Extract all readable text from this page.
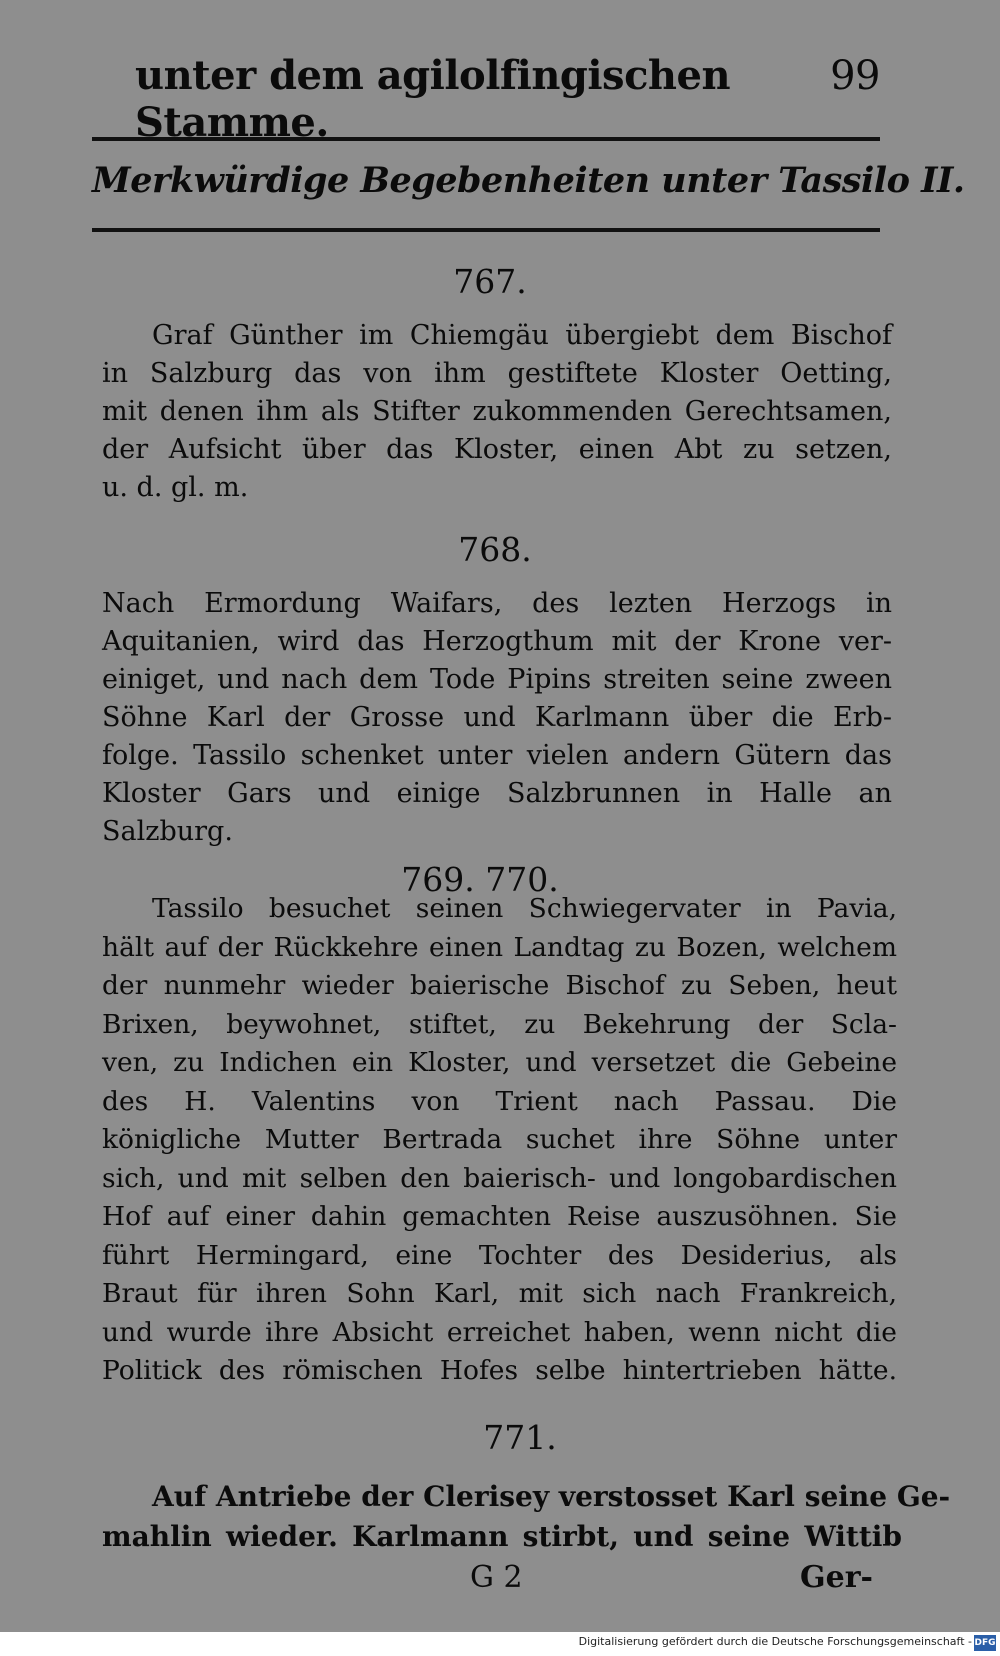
unter dem agilolfingischen Stamme.
99
Merkwürdige Begebenheiten unter Tassilo II.
767.
Graf Günther im Chiemgäu übergiebt dem Bischof
in Salzburg das von ihm gestiftete Kloster Oetting,
mit denen ihm als Stifter zukommenden Gerechtsamen,
der Aufsicht über das Kloster, einen Abt zu setzen,
u. d. gl. m.
768.
Nach Ermordung Waifars, des lezten Herzogs in
Aquitanien, wird das Herzogthum mit der Krone ver-
einiget, und nach dem Tode Pipins streiten seine zween
Söhne Karl der Grosse und Karlmann über die Erb-
folge. Tassilo schenket unter vielen andern Gütern das
Kloster Gars und einige Salzbrunnen in Halle an
Salzburg.
769. 770.
Tassilo besuchet seinen Schwiegervater in Pavia,
hält auf der Rückkehre einen Landtag zu Bozen, welchem
der nunmehr wieder baierische Bischof zu Seben, heut
Brixen, beywohnet, stiftet, zu Bekehrung der Scla-
ven, zu Indichen ein Kloster, und versetzet die Gebeine
des H. Valentins von Trient nach Passau. Die
königliche Mutter Bertrada suchet ihre Söhne unter
sich, und mit selben den baierisch- und longobardischen
Hof auf einer dahin gemachten Reise auszusöhnen. Sie
führt Hermingard, eine Tochter des Desiderius, als
Braut für ihren Sohn Karl, mit sich nach Frankreich,
und wurde ihre Absicht erreichet haben, wenn nicht die
Politick des römischen Hofes selbe hintertrieben hätte.
771.
Auf Antriebe der Clerisey verstosset Karl seine Ge-
mahlin wieder. Karlmann stirbt, und seine Wittib
G 2	Ger-
Digitalisierung gefördert durch die Deutsche Forschungsgemeinschaft - DFG
